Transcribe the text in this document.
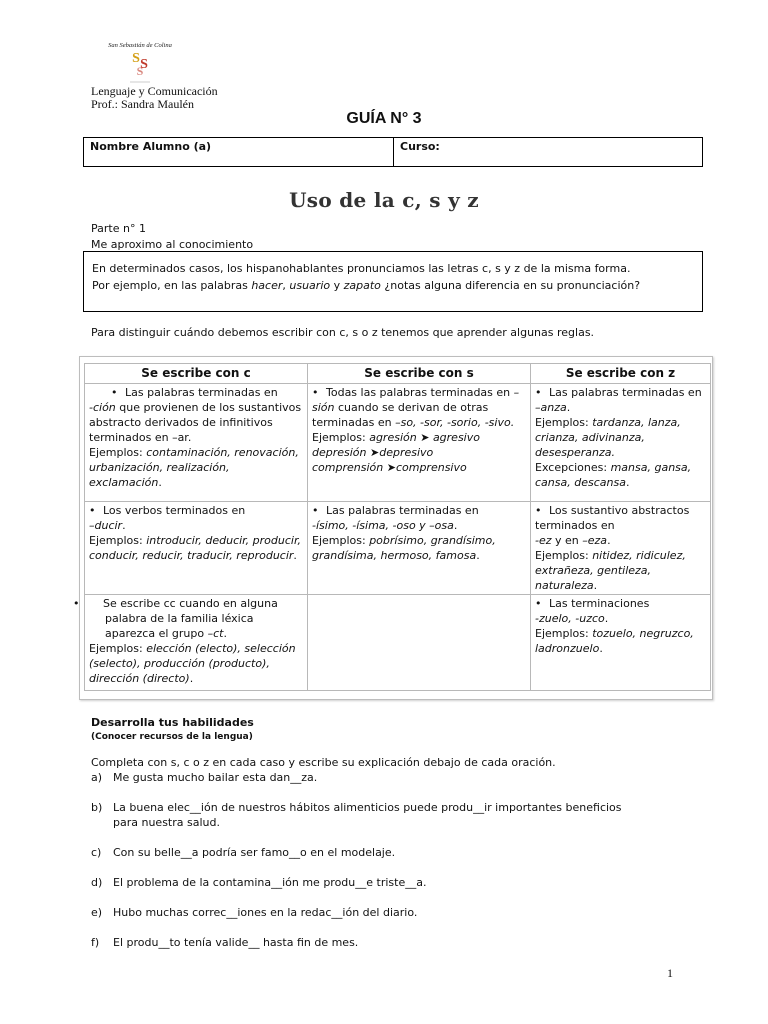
San Sebastián de Colina
S S
S
Lenguaje y Comunicación
Prof.: Sandra Maulén
GUÍA N° 3
Nombre Alumno (a)	Curso:
Uso de la c, s y z
Parte n° 1
Me aproximo al conocimiento
En determinados casos, los hispanohablantes pronunciamos las letras c, s y z de la misma forma.
Por ejemplo, en las palabras hacer, usuario y zapato ¿notas alguna diferencia en su pronunciación?
Para distinguir cuándo debemos escribir con c, s o z tenemos que aprender algunas reglas.
Se escribe con c	Se escribe con s	Se escribe con z
• Las palabras terminadas en
-ción que provienen de los sustantivos abstracto derivados de infinitivos terminados en –ar.
Ejemplos: contaminación, renovación, urbanización, realización, exclamación.	• Todas las palabras terminadas en –sión cuando se derivan de otras terminadas en –so, -sor, -sorio, -sivo.
Ejemplos: agresión ➤ agresivo
depresión ➤depresivo
comprensión ➤comprensivo	• Las palabras terminadas en –anza.
Ejemplos: tardanza, lanza, crianza, adivinanza, desesperanza.
Excepciones: mansa, gansa, cansa, descansa.
• Los verbos terminados en
–ducir.
Ejemplos: introducir, deducir, producir, conducir, reducir, traducir, reproducir.	• Las palabras terminadas en
-ísimo, -ísima, -oso y –osa.
Ejemplos: pobrísimo, grandísimo, grandísima, hermoso, famosa.	• Los sustantivo abstractos terminados en
-ez y en –eza.
Ejemplos: nitidez, ridiculez, extrañeza, gentileza, naturaleza.

• Se escribe cc cuando en alguna palabra de la familia léxica aparezca el grupo –ct.
Ejemplos: elección (electo), selección (selecto), producción (producto), dirección (directo).		• Las terminaciones
-zuelo, -uzco.
Ejemplos: tozuelo, negruzco, ladronzuelo.
Desarrolla tus habilidades
(Conocer recursos de la lengua)
Completa con s, c o z en cada caso y escribe su explicación debajo de cada oración.
a) Me gusta mucho bailar esta dan__za.
b) La buena elec__ión de nuestros hábitos alimenticios puede produ__ir importantes beneficios
para nuestra salud.
c) Con su belle__a podría ser famo__o en el modelaje.
d) El problema de la contamina__ión me produ__e triste__a.
e) Hubo muchas correc__iones en la redac__ión del diario.
f) El produ__to tenía valide__ hasta fin de mes.
1
